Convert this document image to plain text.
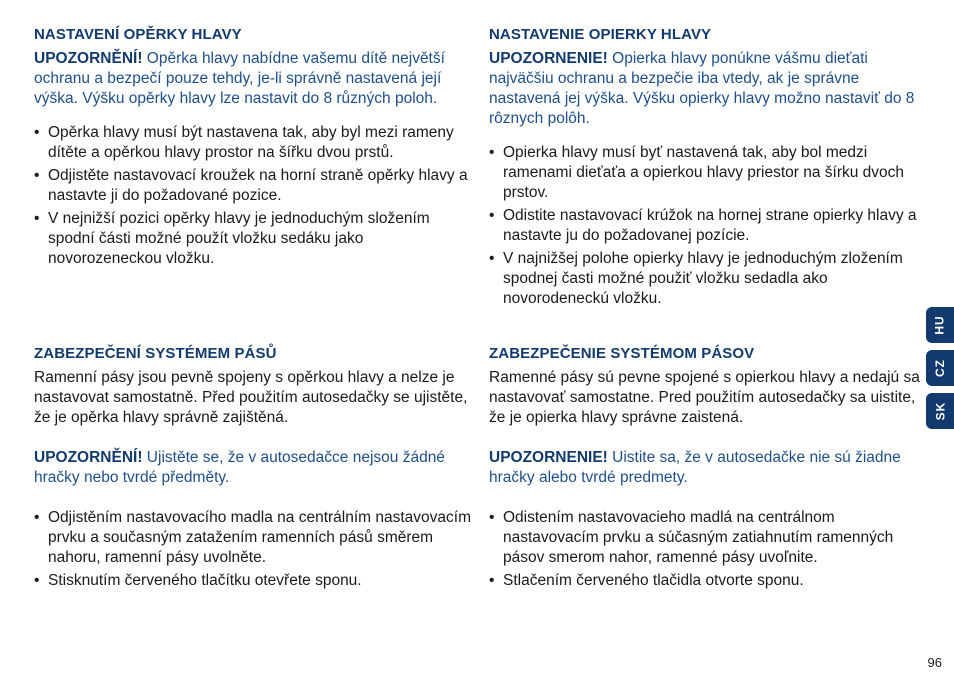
NASTAVENÍ OPĚRKY HLAVY

UPOZORNĚNÍ! Opěrka hlavy nabídne vašemu dítě největší ochranu a bezpečí pouze tehdy, je-li správně nastavená její výška. Výšku opěrky hlavy lze nastavit do 8 různých poloh.

• Opěrka hlavy musí být nastavena tak, aby byl mezi rameny dítěte a opěrkou hlavy prostor na šířku dvou prstů.
• Odjistěte nastavovací kroužek na horní straně opěrky hlavy a nastavte ji do požadované pozice.
• V nejnižší pozici opěrky hlavy je jednoduchým složením spodní části možné použít vložku sedáku jako novorozeneckou vložku.
ZABEZPEČENÍ SYSTÉMEM PÁSŮ

Ramenní pásy jsou pevně spojeny s opěrkou hlavy a nelze je nastavovat samostatně. Před použitím autosedačky se ujistěte, že je opěrka hlavy správně zajištěná.

UPOZORNĚNÍ! Ujistěte se, že v autosedačce nejsou žádné hračky nebo tvrdé předměty.

• Odjistěním nastavovacího madla na centrálním nastavovacím prvku a současným zatažením ramenních pásů směrem nahoru, ramenní pásy uvolněte.
• Stisknutím červeného tlačítku otevřete sponu.
NASTAVENIE OPIERKY HLAVY

UPOZORNENIE! Opierka hlavy ponúkne vášmu dieťati najväčšiu ochranu a bezpečie iba vtedy, ak je správne nastavená jej výška. Výšku opierky hlavy možno nastaviť do 8 rôznych polôh.

• Opierka hlavy musí byť nastavená tak, aby bol medzi ramenami dieťaťa a opierkou hlavy priestor na šírku dvoch prstov.
• Odistite nastavovací krúžok na hornej strane opierky hlavy a nastavte ju do požadovanej pozície.
• V najnižšej polohe opierky hlavy je jednoduchým zložením spodnej časti možné použiť vložku sedadla ako novorodeneckú vložku.
ZABEZPEČENIE SYSTÉMOM PÁSOV

Ramenné pásy sú pevne spojené s opierkou hlavy a nedajú sa nastavovať samostatne. Pred použitím autosedačky sa uistite, že je opierka hlavy správne zaistená.

UPOZORNENIE! Uistite sa, že v autosedačke nie sú žiadne hračky alebo tvrdé predmety.

• Odistením nastavovacieho madlá na centrálnom nastavovacím prvku a súčasným zatiahnutím ramenných pásov smerom nahor, ramenné pásy uvoľnite.
• Stlačením červeného tlačidla otvorte sponu.
HU
CZ
SK
96
